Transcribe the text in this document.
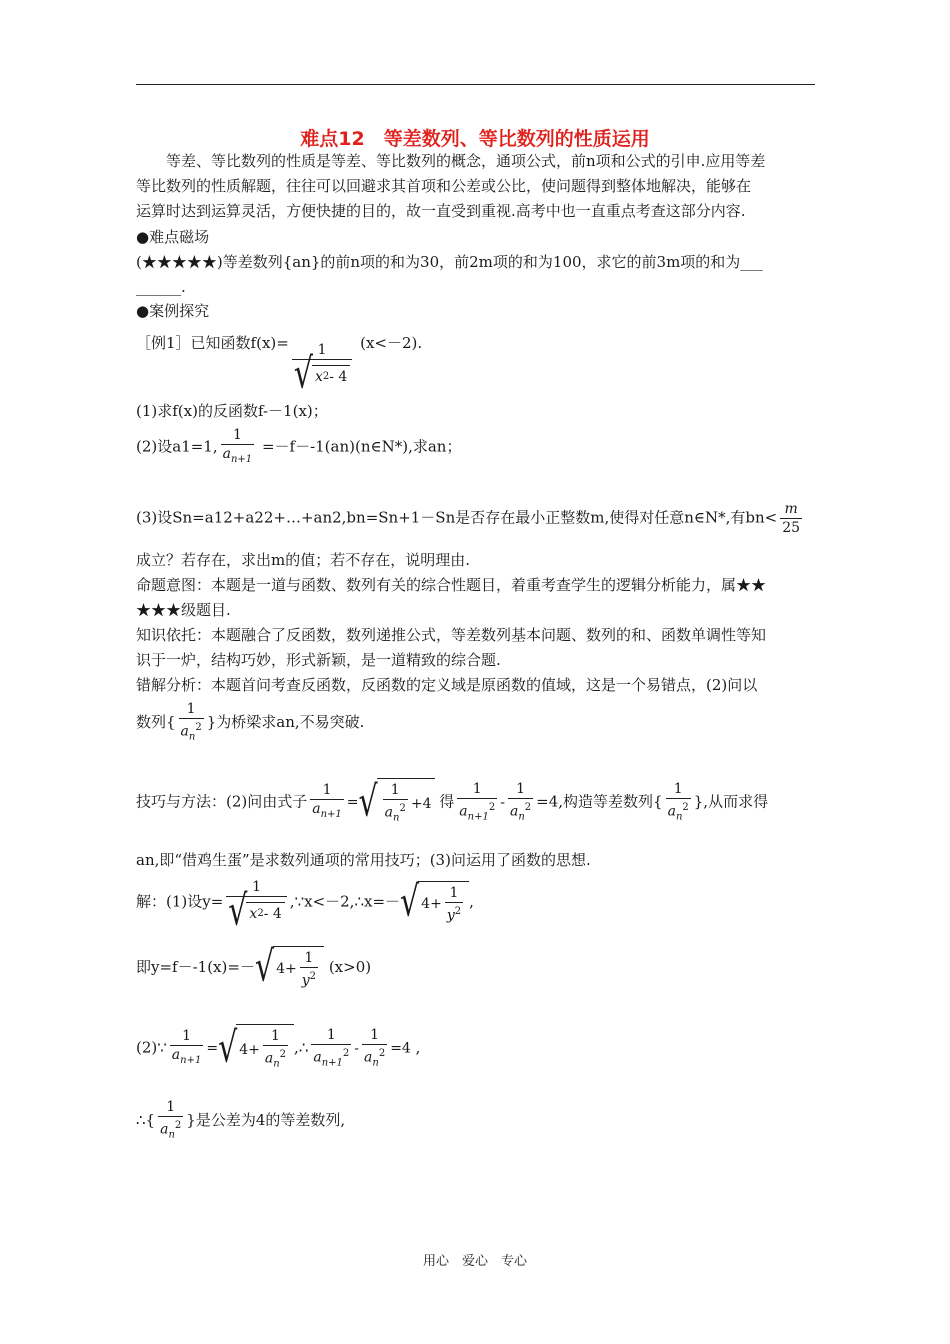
难点12　等差数列、等比数列的性质运用
　　等差、等比数列的性质是等差、等比数列的概念，通项公式，前n项和公式的引申.应用等差
等比数列的性质解题，往往可以回避求其首项和公差或公比，使问题得到整体地解决，能够在
运算时达到运算灵活，方便快捷的目的，故一直受到重视.高考中也一直重点考查这部分内容.
●难点磁场
(★★★★★)等差数列{an}的前n项的和为30，前2m项的和为100，求它的前3m项的和为___
______.
●案例探究
［例1］已知函数$f(x)= \frac{1}{√ x 2 - 4} (x<-2)$.
(1)求f(x)的反函数f-－1(x)；
(2)设a1=1, $\frac{1}{a_{n+1}}$ =－f－-1(an)(n∈N*),求an；
(3)设Sn=a12+a22+…+an2,bn=Sn+1－Sn是否存在最小正整数m,使得对任意n∈N*,有$bn< \frac{m}{25}$
成立？若存在，求出m的值；若不存在，说明理由.
命题意图：本题是一道与函数、数列有关的综合性题目，着重考查学生的逻辑分析能力，属★★
★★★级题目.
知识依托：本题融合了反函数，数列递推公式，等差数列基本问题、数列的和、函数单调性等知
识于一炉，结构巧妙，形式新颖，是一道精致的综合题.
错解分析：本题首问考查反函数，反函数的定义域是原函数的值域，这是一个易错点，(2)问以
数列{ $\frac{1}{a_n^2}$ }为桥梁求an,不易突破.
技巧与方法：(2)问由式子 $\frac{1}{a_{n+1}}$ = √ $\frac{1}{a_n^2} + 4$ 得 $\frac{1}{a_{n+1}^2} - \frac{1}{a_n^2} =4$,构造等差数列{ $\frac{1}{a_n^2}$ },从而求得
an,即“借鸡生蛋”是求数列通项的常用技巧；(3)问运用了函数的思想.
解：(1)设$y= \frac{1}{√ x 2 - 4}$ ,∵x<－2,∴x=－ √ $4 + \frac{1}{y^2}$ ,
即y=f－-1(x)=－ √ $4 + \frac{1}{y^2} (x>0)$
(2)∵ $\frac{1}{a_{n+1}}$ = √ $4 + \frac{1}{a_n^2}$ ,∴ $\frac{1}{a_{n+1}^2} - \frac{1}{a_n^2} =4$ ,
∴{ $\frac{1}{a_n^2}$ }是公差为4的等差数列,
用心　爱心　专心
